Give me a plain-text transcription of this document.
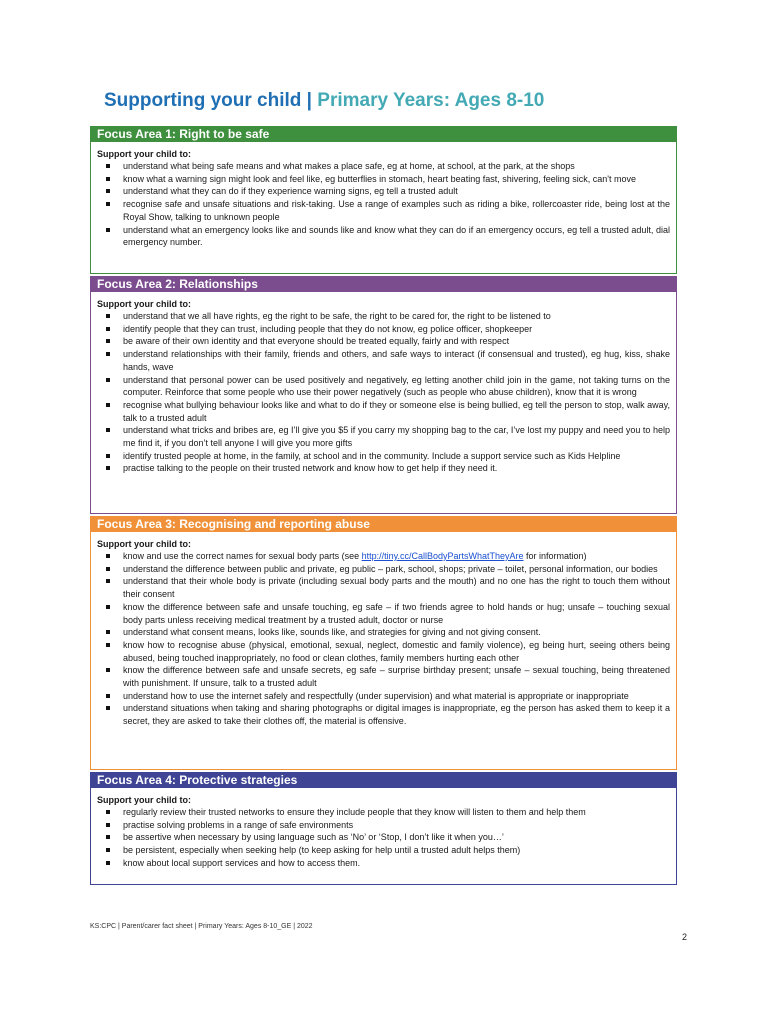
Supporting your child | Primary Years: Ages 8-10
Focus Area 1: Right to be safe

Support your child to:

understand what being safe means and what makes a place safe, eg at home, at school, at the park, at the shops
know what a warning sign might look and feel like, eg butterflies in stomach, heart beating fast, shivering, feeling sick, can't move
understand what they can do if they experience warning signs, eg tell a trusted adult
recognise safe and unsafe situations and risk-taking. Use a range of examples such as riding a bike, rollercoaster ride, being lost at the Royal Show, talking to unknown people
understand what an emergency looks like and sounds like and know what they can do if an emergency occurs, eg tell a trusted adult, dial emergency number.
Focus Area 2: Relationships

Support your child to:

understand that we all have rights, eg the right to be safe, the right to be cared for, the right to be listened to
identify people that they can trust, including people that they do not know, eg police officer, shopkeeper
be aware of their own identity and that everyone should be treated equally, fairly and with respect
understand relationships with their family, friends and others, and safe ways to interact (if consensual and trusted), eg hug, kiss, shake hands, wave
understand that personal power can be used positively and negatively, eg letting another child join in the game, not taking turns on the computer. Reinforce that some people who use their power negatively (such as people who abuse children), know that it is wrong
recognise what bullying behaviour looks like and what to do if they or someone else is being bullied, eg tell the person to stop, walk away, talk to a trusted adult
understand what tricks and bribes are, eg I’ll give you $5 if you carry my shopping bag to the car, I’ve lost my puppy and need you to help me find it, if you don’t tell anyone I will give you more gifts
identify trusted people at home, in the family, at school and in the community. Include a support service such as Kids Helpline
practise talking to the people on their trusted network and know how to get help if they need it.
Focus Area 3: Recognising and reporting abuse

Support your child to:

know and use the correct names for sexual body parts (see http://tiny.cc/CallBodyPartsWhatTheyAre for information)
understand the difference between public and private, eg public – park, school, shops; private – toilet, personal information, our bodies
understand that their whole body is private (including sexual body parts and the mouth) and no one has the right to touch them without their consent
know the difference between safe and unsafe touching, eg safe – if two friends agree to hold hands or hug; unsafe – touching sexual body parts unless receiving medical treatment by a trusted adult, doctor or nurse
understand what consent means, looks like, sounds like, and strategies for giving and not giving consent.
know how to recognise abuse (physical, emotional, sexual, neglect, domestic and family violence), eg being hurt, seeing others being abused, being touched inappropriately, no food or clean clothes, family members hurting each other
know the difference between safe and unsafe secrets, eg safe – surprise birthday present; unsafe – sexual touching, being threatened with punishment. If unsure, talk to a trusted adult
understand how to use the internet safely and respectfully (under supervision) and what material is appropriate or inappropriate
understand situations when taking and sharing photographs or digital images is inappropriate, eg the person has asked them to keep it a secret, they are asked to take their clothes off, the material is offensive.
Focus Area 4: Protective strategies

Support your child to:

regularly review their trusted networks to ensure they include people that they know will listen to them and help them
practise solving problems in a range of safe environments
be assertive when necessary by using language such as ‘No’ or ‘Stop, I don’t like it when you…’
be persistent, especially when seeking help (to keep asking for help until a trusted adult helps them)
know about local support services and how to access them.
KS:CPC | Parent/carer fact sheet | Primary Years: Ages 8-10_GE | 2022
2
